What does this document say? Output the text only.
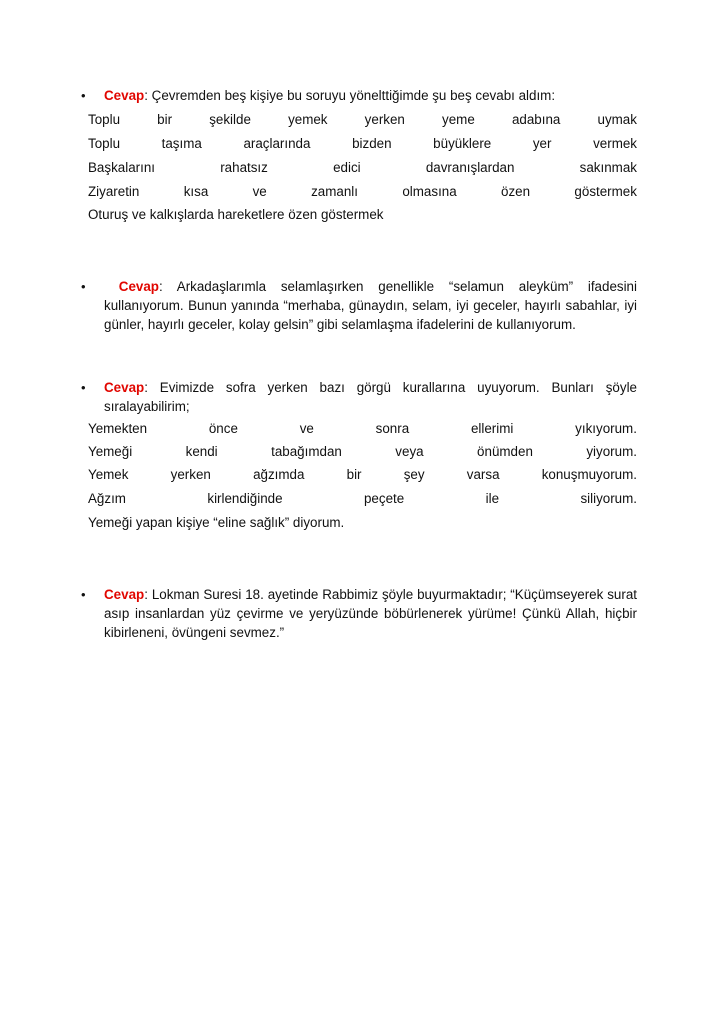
•	Cevap: Çevremden beş kişiye bu soruyu yönelttiğimde şu beş cevabı aldım:
Toplu	bir	şekilde	yemek	yerken	yeme	adabına	uymak
Toplu	taşıma	araçlarında	bizden	büyüklere	yer	vermek
Başkalarını	rahatsız	edici	davranışlardan	sakınmak
Ziyaretin	kısa	ve	zamanlı	olmasına	özen	göstermek
Oturuş ve kalkışlarda hareketlere özen göstermek
•	Cevap: Arkadaşlarımla selamlaşırken genellikle “selamun aleyküm” ifadesini kullanıyorum. Bunun yanında “merhaba, günaydın, selam, iyi geceler, hayırlı sabahlar, iyi günler, hayırlı geceler, kolay gelsin” gibi selamlaşma ifadelerini de kullanıyorum.
•	Cevap: Evimizde sofra yerken bazı görgü kurallarına uyuyorum. Bunları şöyle sıralayabilirim;
Yemekten	önce	ve	sonra	ellerimi	yıkıyorum.
Yemeği	kendi	tabağımdan	veya	önümden	yiyorum.
Yemek	yerken	ağzımda	bir	şey	varsa	konuşmuyorum.
Ağzım	kirlendiğinde	peçete	ile	siliyorum.
Yemeği yapan kişiye “eline sağlık” diyorum.
•	Cevap: Lokman Suresi 18. ayetinde Rabbimiz şöyle buyurmaktadır; “Küçümseyerek surat asıp insanlardan yüz çevirme ve yeryüzünde böbürlenerek yürüme! Çünkü Allah, hiçbir kibirleneni, övüngeni sevmez.”
